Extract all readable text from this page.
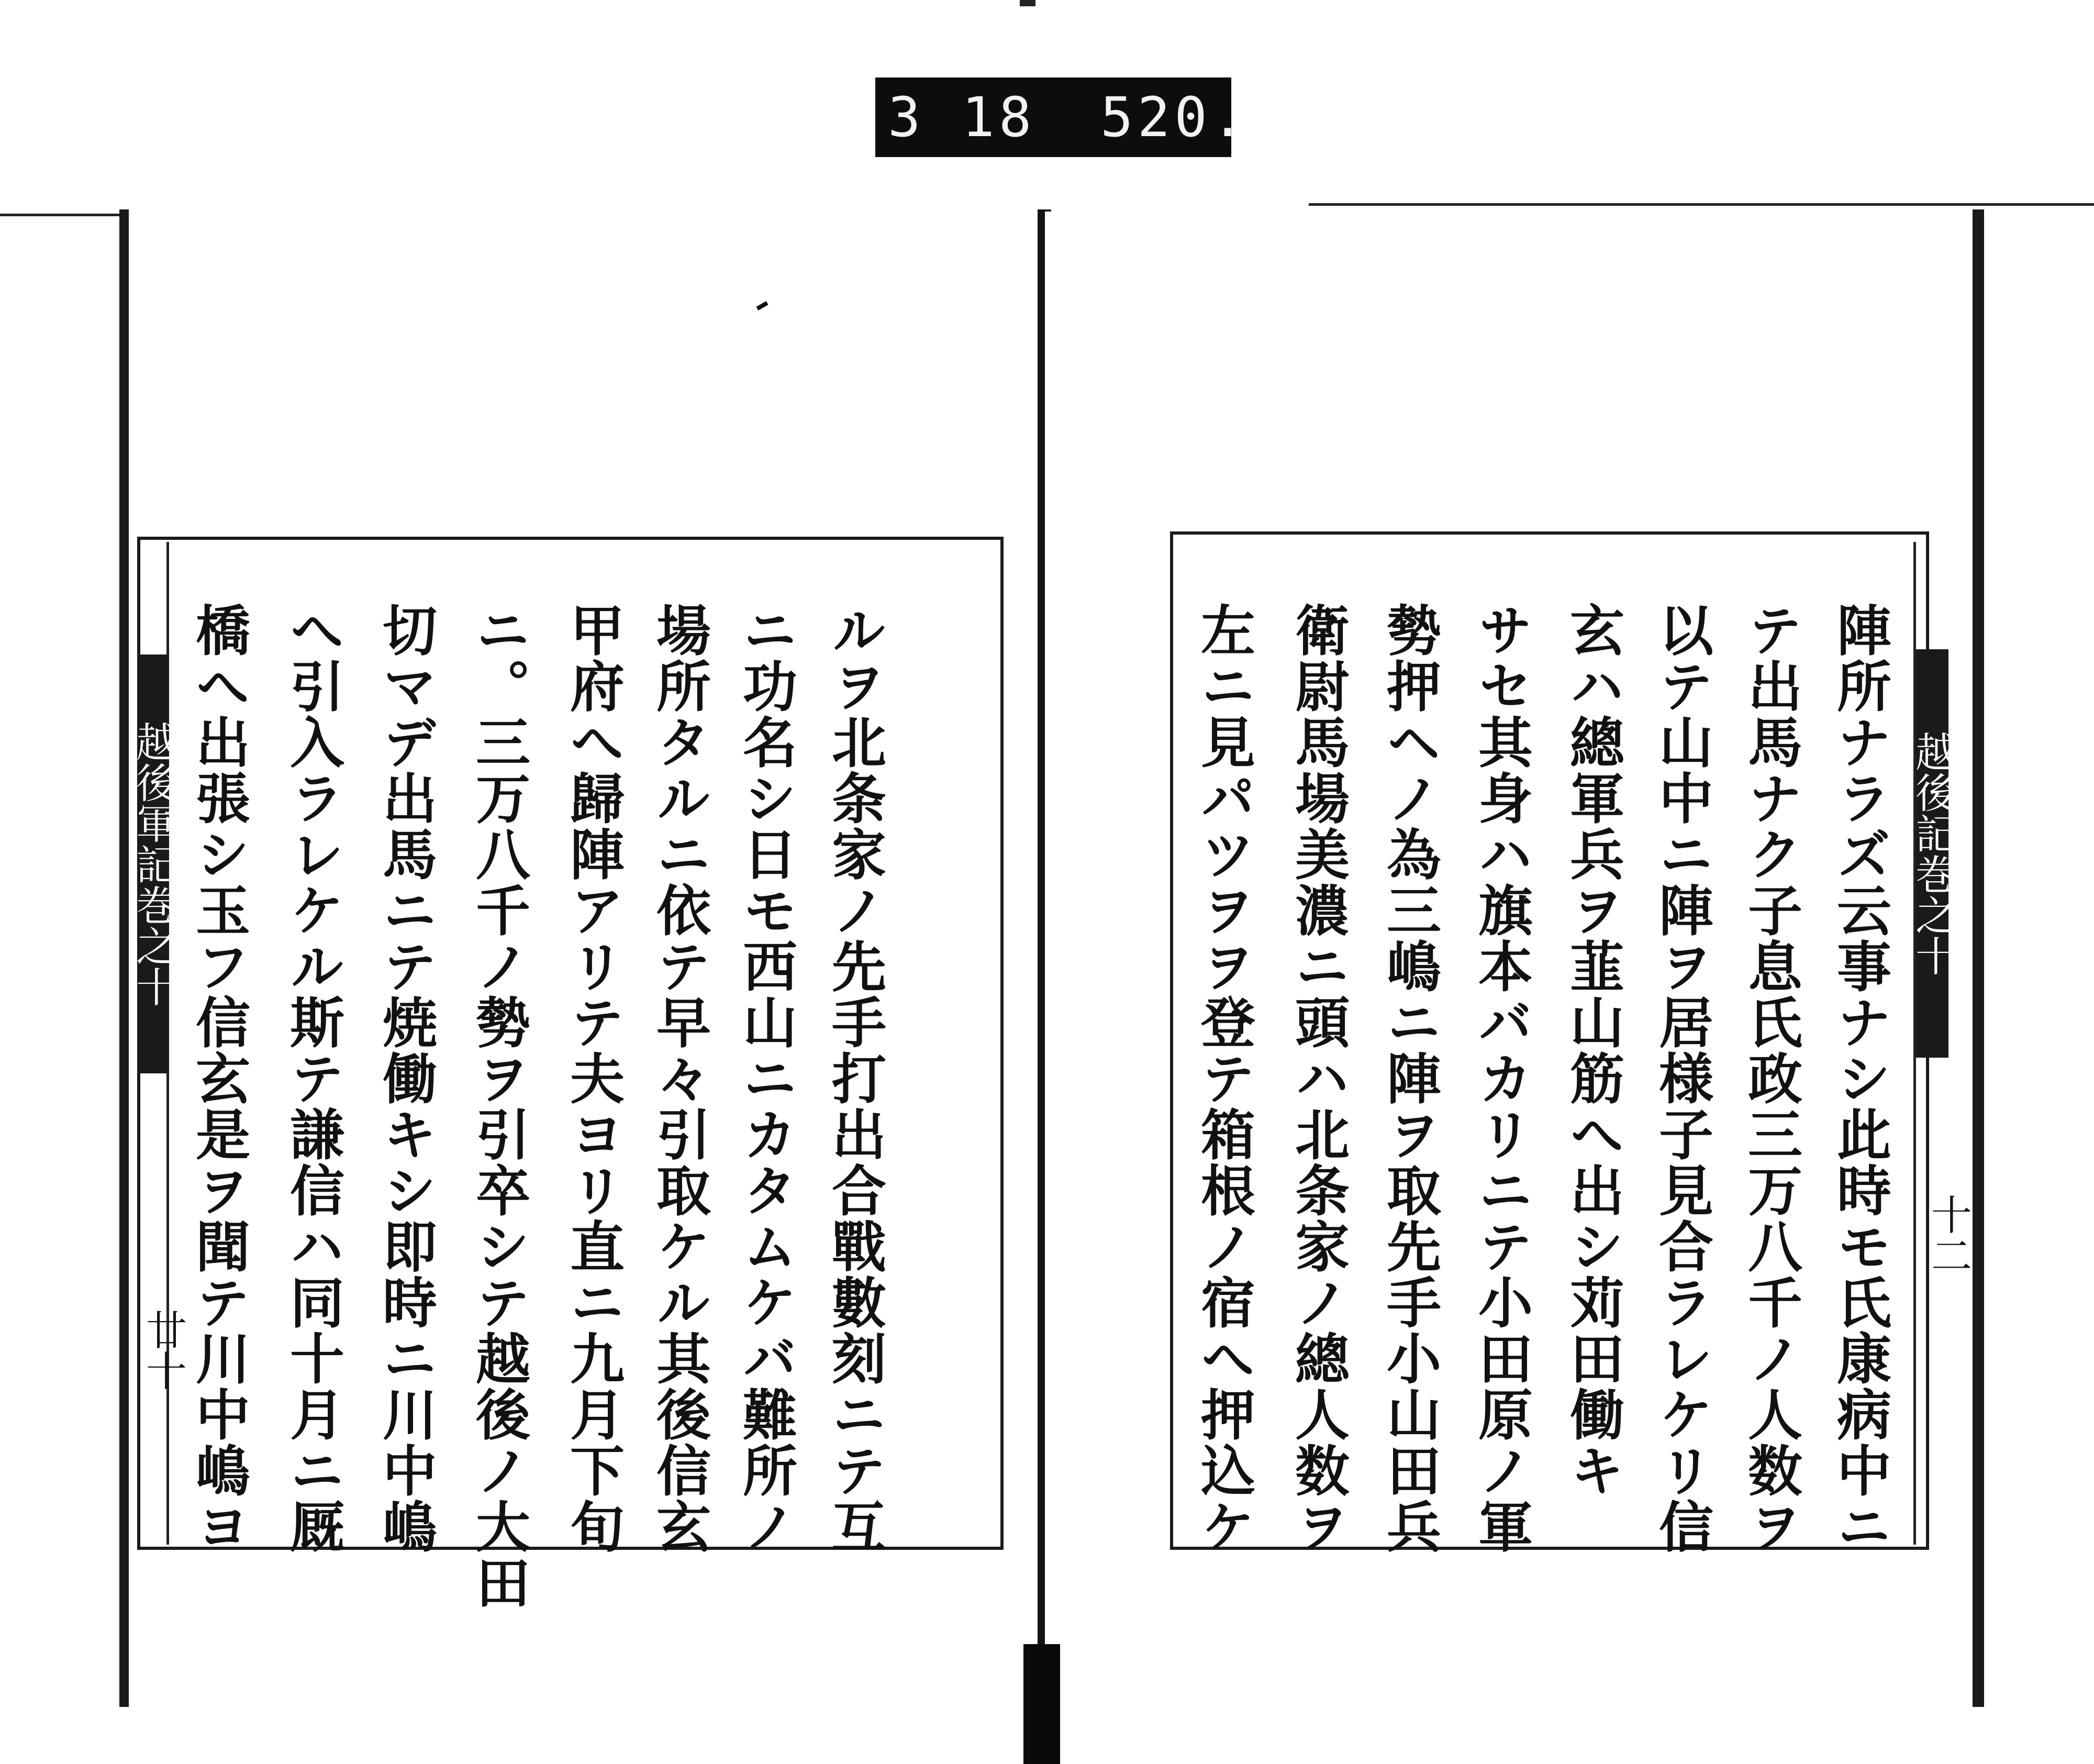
3 18 520.
越後軍記巻之十
廿十
越後記巻之十
十二
ルヲ北条家ノ先手打出合戰數刻ニテ互
ニ功名シ日モ西山ニカタムケバ難所ノ
場所タルニ依テ早々引取ケル其後信玄
甲府へ歸陣アリテ夫ヨリ直ニ九月下旬
ニ。三万八千ノ勢ヲ引卒シテ越後ノ大田
切マデ出馬ニテ焼働キシ即時ニ川中嶋
へ引入ラレケル斯テ謙信ハ同十月ニ厩
橋へ出張シ玉フ信玄是ヲ聞テ川中嶋ヨ	陣所ナラズ云事ナシ此時モ氏康病中ニ
テ出馬ナク子息氏政三万八千ノ人数ヲ
以テ山中ニ陣ヲ居様子見合ラレケリ信
玄ハ總軍兵ヲ韮山筋へ出シ苅田働キ
サセ其身ハ旗本バカリニテ小田原ノ軍
勢押ヘノ為三嶋ニ陣ヲ取先手小山田兵
衛尉馬場美濃ニ頭ハ北条家ノ總人数ヲ
左ニ見パツヲヲ登テ箱根ノ宿へ押込ケ
